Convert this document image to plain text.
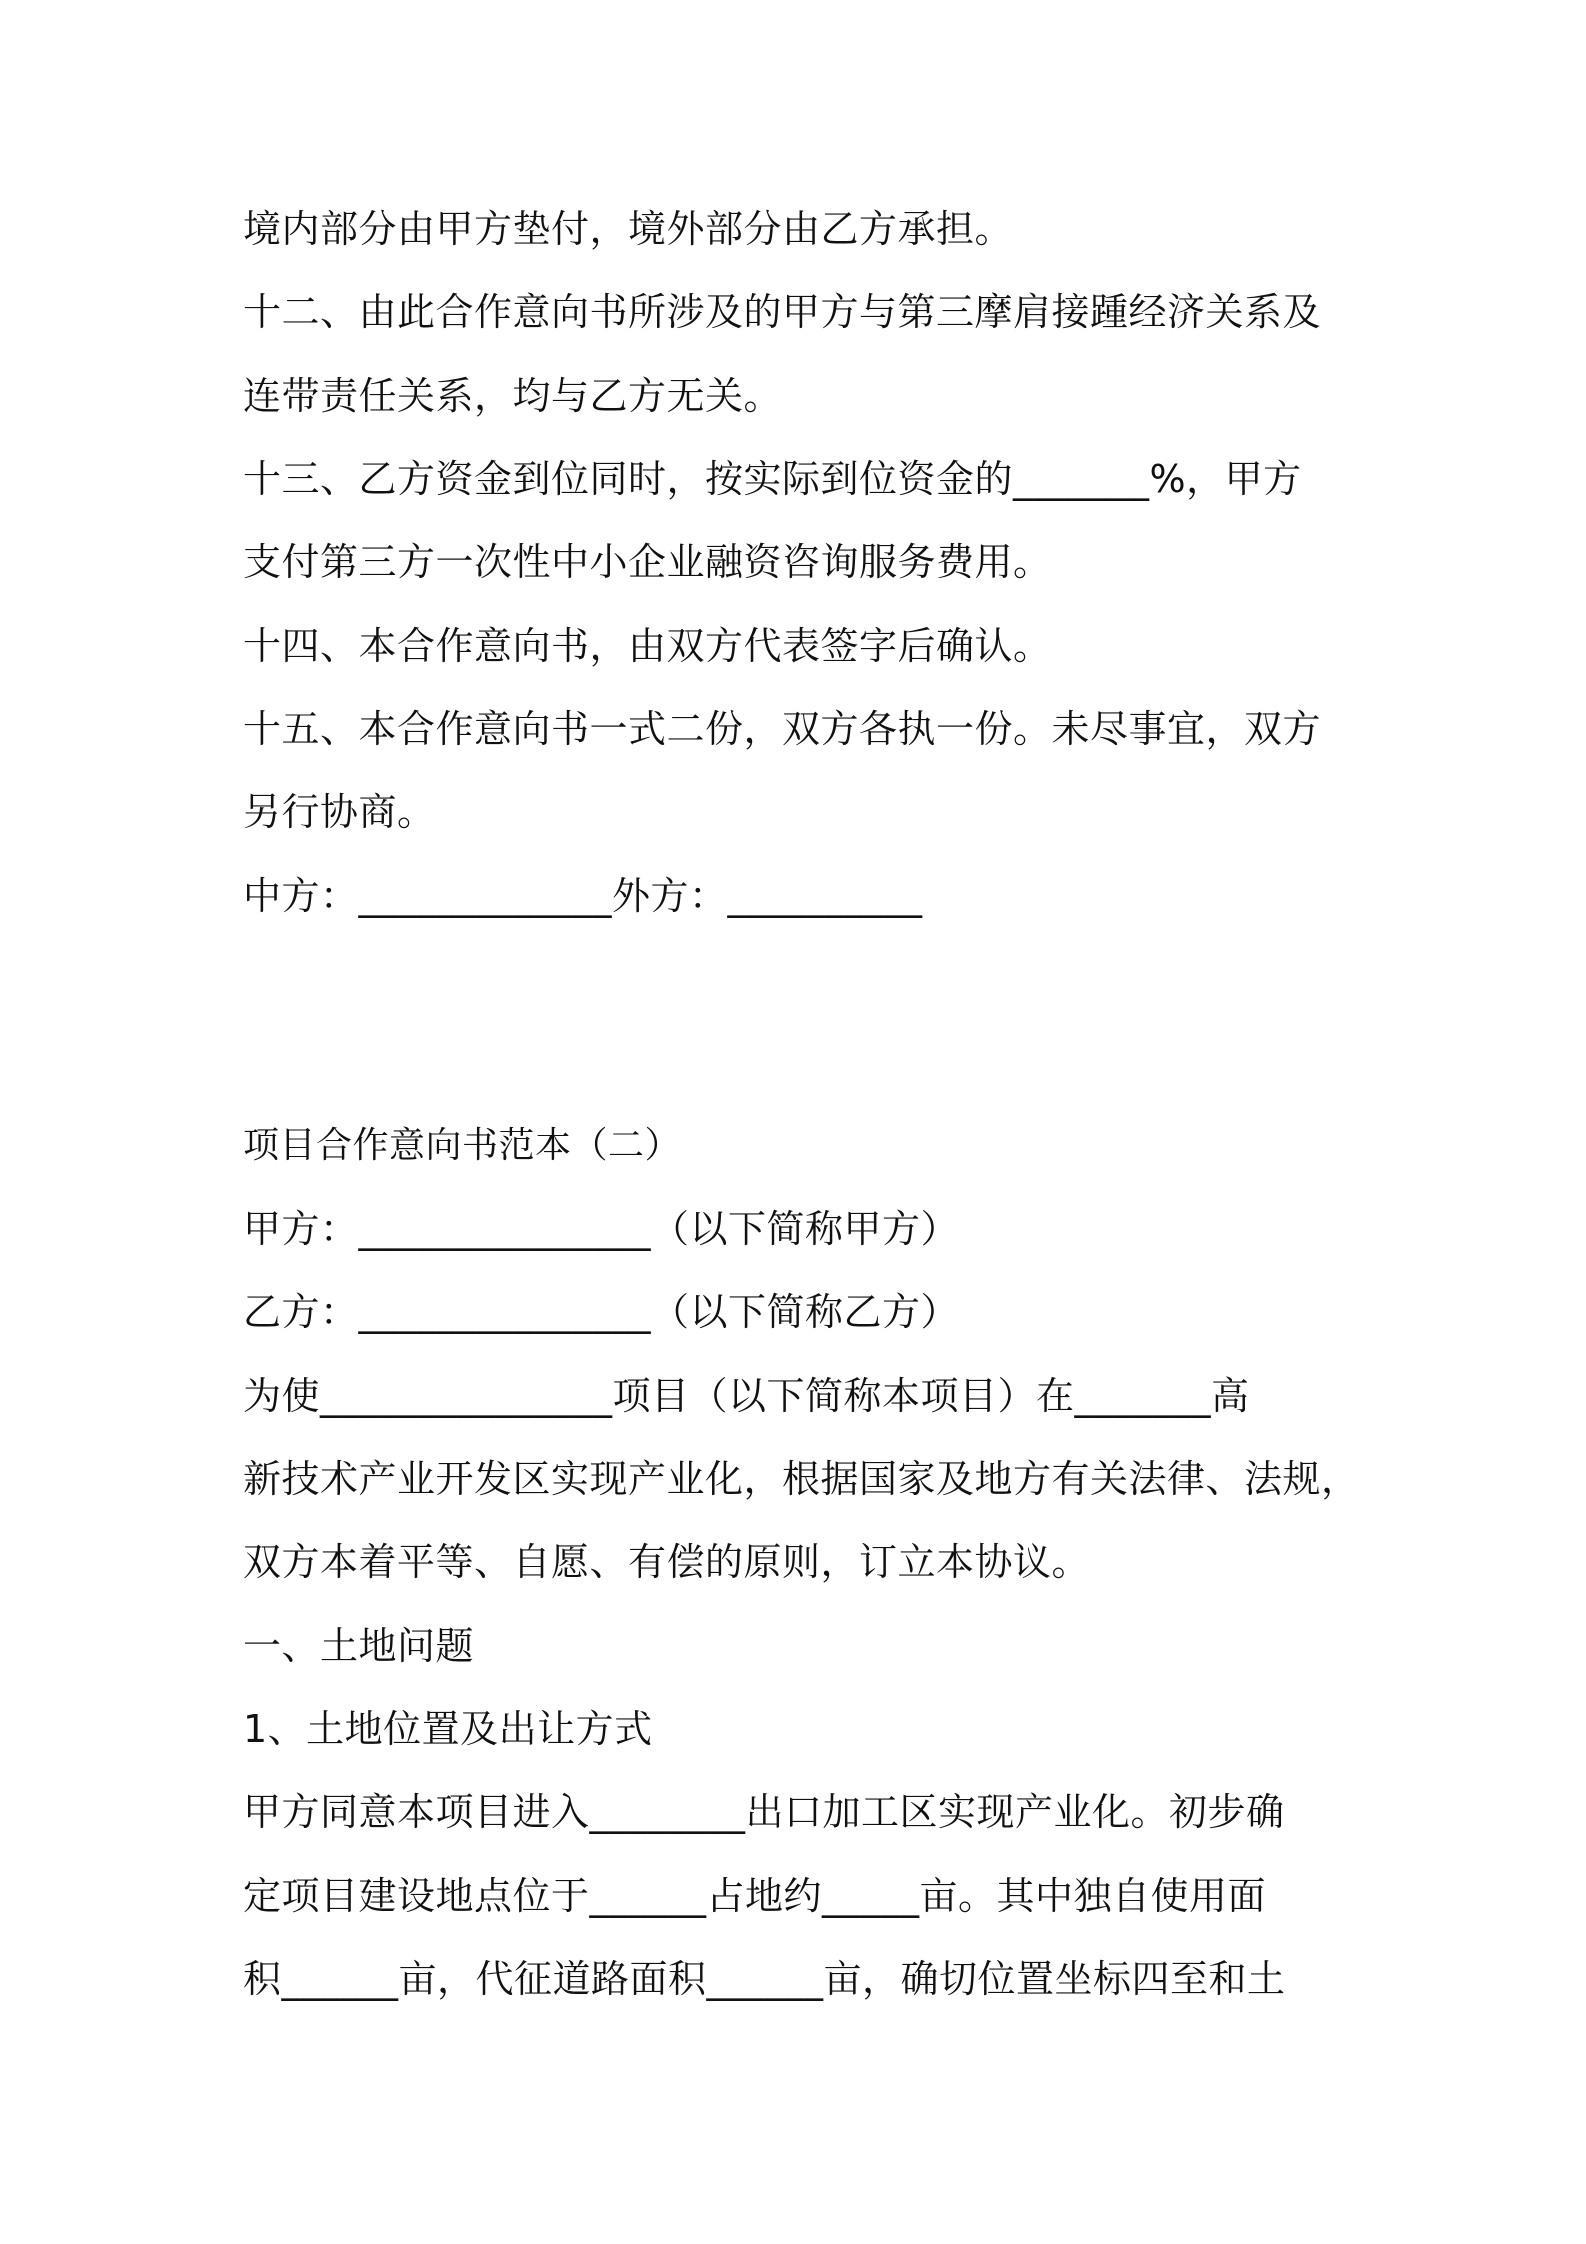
境内部分由甲方垫付，境外部分由乙方承担。
十二、由此合作意向书所涉及的甲方与第三摩肩接踵经济关系及
连带责任关系，均与乙方无关。
十三、乙方资金到位同时，按实际到位资金的_______%，甲方
支付第三方一次性中小企业融资咨询服务费用。
十四、本合作意向书，由双方代表签字后确认。
十五、本合作意向书一式二份，双方各执一份。未尽事宜，双方
另行协商。
中方：_____________外方：__________
项目合作意向书范本（二）
甲方：_______________（以下简称甲方）
乙方：_______________（以下简称乙方）
为使_______________项目（以下简称本项目）在_______高
新技术产业开发区实现产业化，根据国家及地方有关法律、法规，
双方本着平等、自愿、有偿的原则，订立本协议。
一、土地问题
1、土地位置及出让方式
甲方同意本项目进入________出口加工区实现产业化。初步确
定项目建设地点位于______占地约_____亩。其中独自使用面
积______亩，代征道路面积______亩，确切位置坐标四至和土
